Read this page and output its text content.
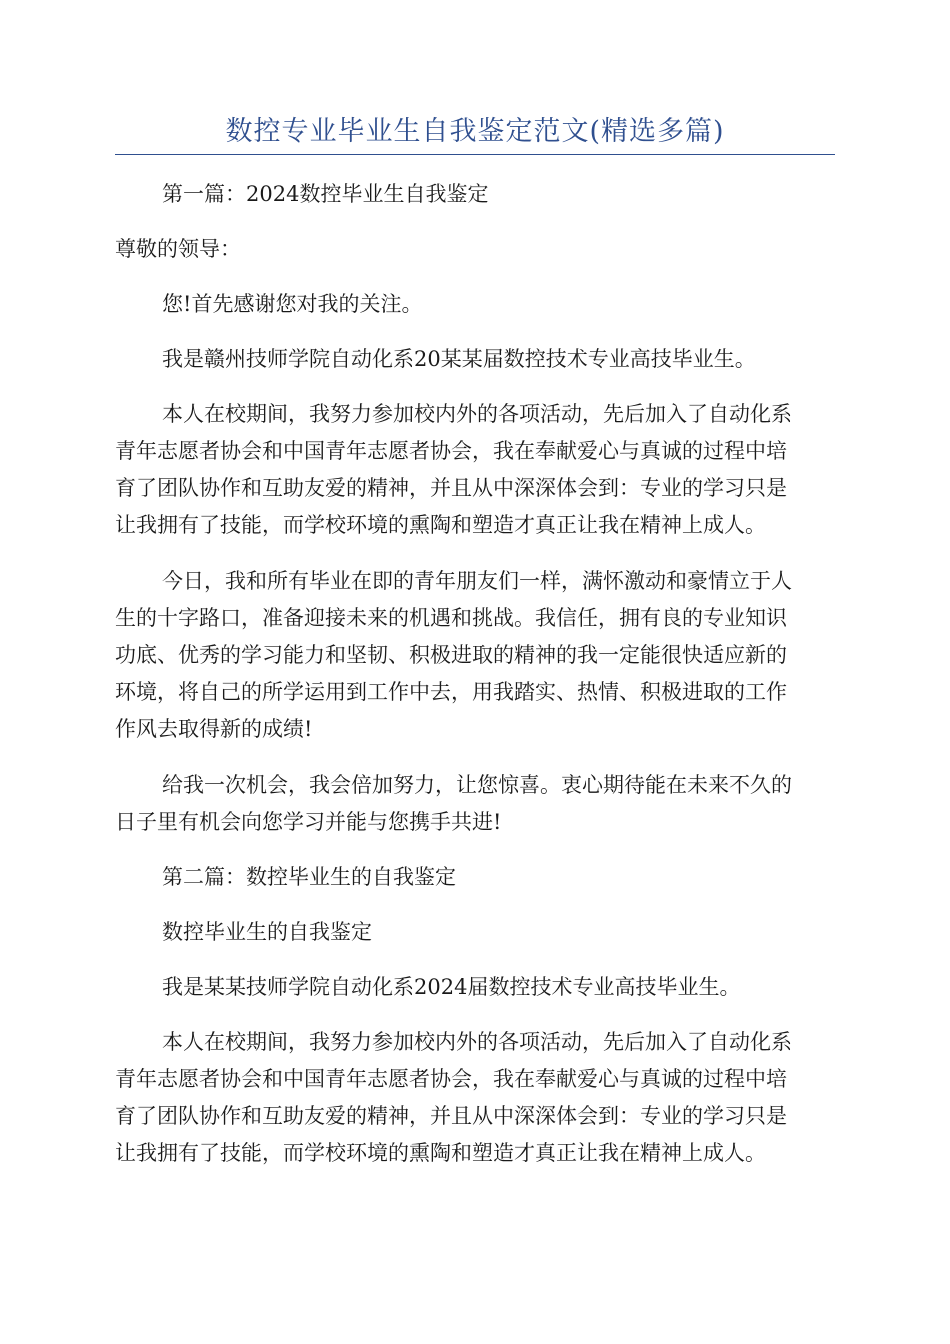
数控专业毕业生自我鉴定范文(精选多篇)
第一篇：2024数控毕业生自我鉴定
尊敬的领导：
您!首先感谢您对我的关注。
我是赣州技师学院自动化系20某某届数控技术专业高技毕业生。
本人在校期间，我努力参加校内外的各项活动，先后加入了自动化系
青年志愿者协会和中国青年志愿者协会，我在奉献爱心与真诚的过程中培
育了团队协作和互助友爱的精神，并且从中深深体会到：专业的学习只是
让我拥有了技能，而学校环境的熏陶和塑造才真正让我在精神上成人。
今日，我和所有毕业在即的青年朋友们一样，满怀激动和豪情立于人
生的十字路口，准备迎接未来的机遇和挑战。我信任，拥有良的专业知识
功底、优秀的学习能力和坚韧、积极进取的精神的我一定能很快适应新的
环境，将自己的所学运用到工作中去，用我踏实、热情、积极进取的工作
作风去取得新的成绩!
给我一次机会，我会倍加努力，让您惊喜。衷心期待能在未来不久的
日子里有机会向您学习并能与您携手共进!
第二篇：数控毕业生的自我鉴定
数控毕业生的自我鉴定
我是某某技师学院自动化系2024届数控技术专业高技毕业生。
本人在校期间，我努力参加校内外的各项活动，先后加入了自动化系
青年志愿者协会和中国青年志愿者协会，我在奉献爱心与真诚的过程中培
育了团队协作和互助友爱的精神，并且从中深深体会到：专业的学习只是
让我拥有了技能，而学校环境的熏陶和塑造才真正让我在精神上成人。
